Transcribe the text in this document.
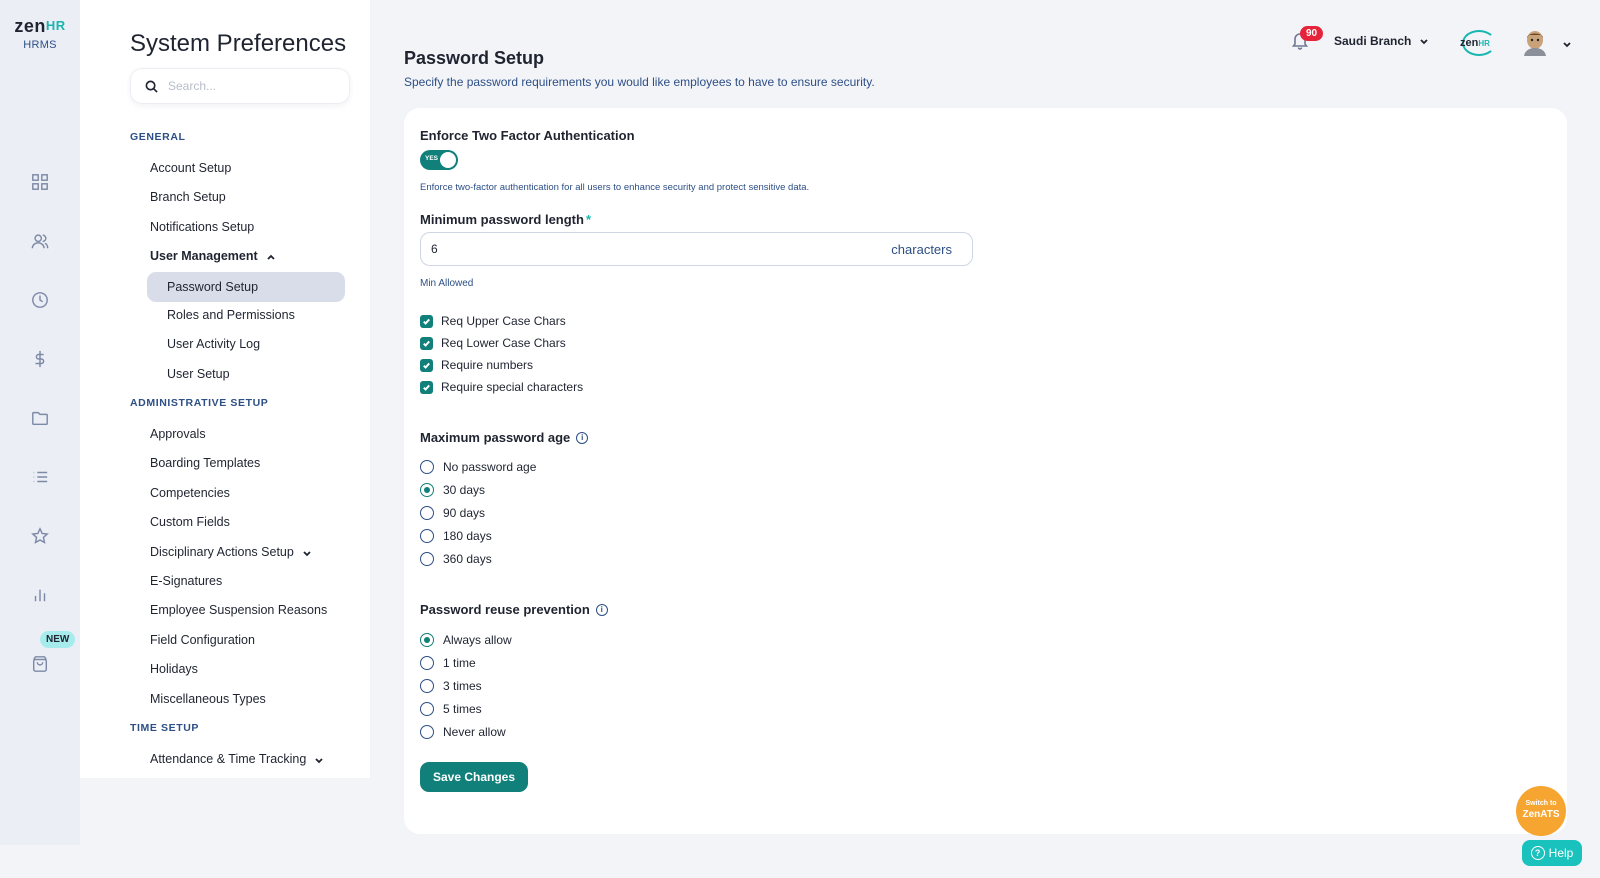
zenHR
HRMS
NEW
System Preferences
Search...
GENERAL
Account Setup
Branch Setup
Notifications Setup
User Management
Password Setup
Roles and Permissions
User Activity Log
User Setup
ADMINISTRATIVE SETUP
Approvals
Boarding Templates
Competencies
Custom Fields
Disciplinary Actions Setup
E-Signatures
Employee Suspension Reasons
Field Configuration
Holidays
Miscellaneous Types
TIME SETUP
Attendance & Time Tracking
90
Saudi Branch	zenHR
Password Setup
Specify the password requirements you would like employees to have to ensure security.
Enforce Two Factor Authentication
YES
Enforce two-factor authentication for all users to enhance security and protect sensitive data.
Minimum password length *
6	characters
Min Allowed
Req Upper Case Chars
Req Lower Case Chars
Require numbers
Require special characters
Maximum password age	i
No password age
30 days
90 days
180 days
360 days
Password reuse prevention	i
Always allow
1 time
3 times
5 times
Never allow
Save Changes
Switch to
ZenATS
? Help
